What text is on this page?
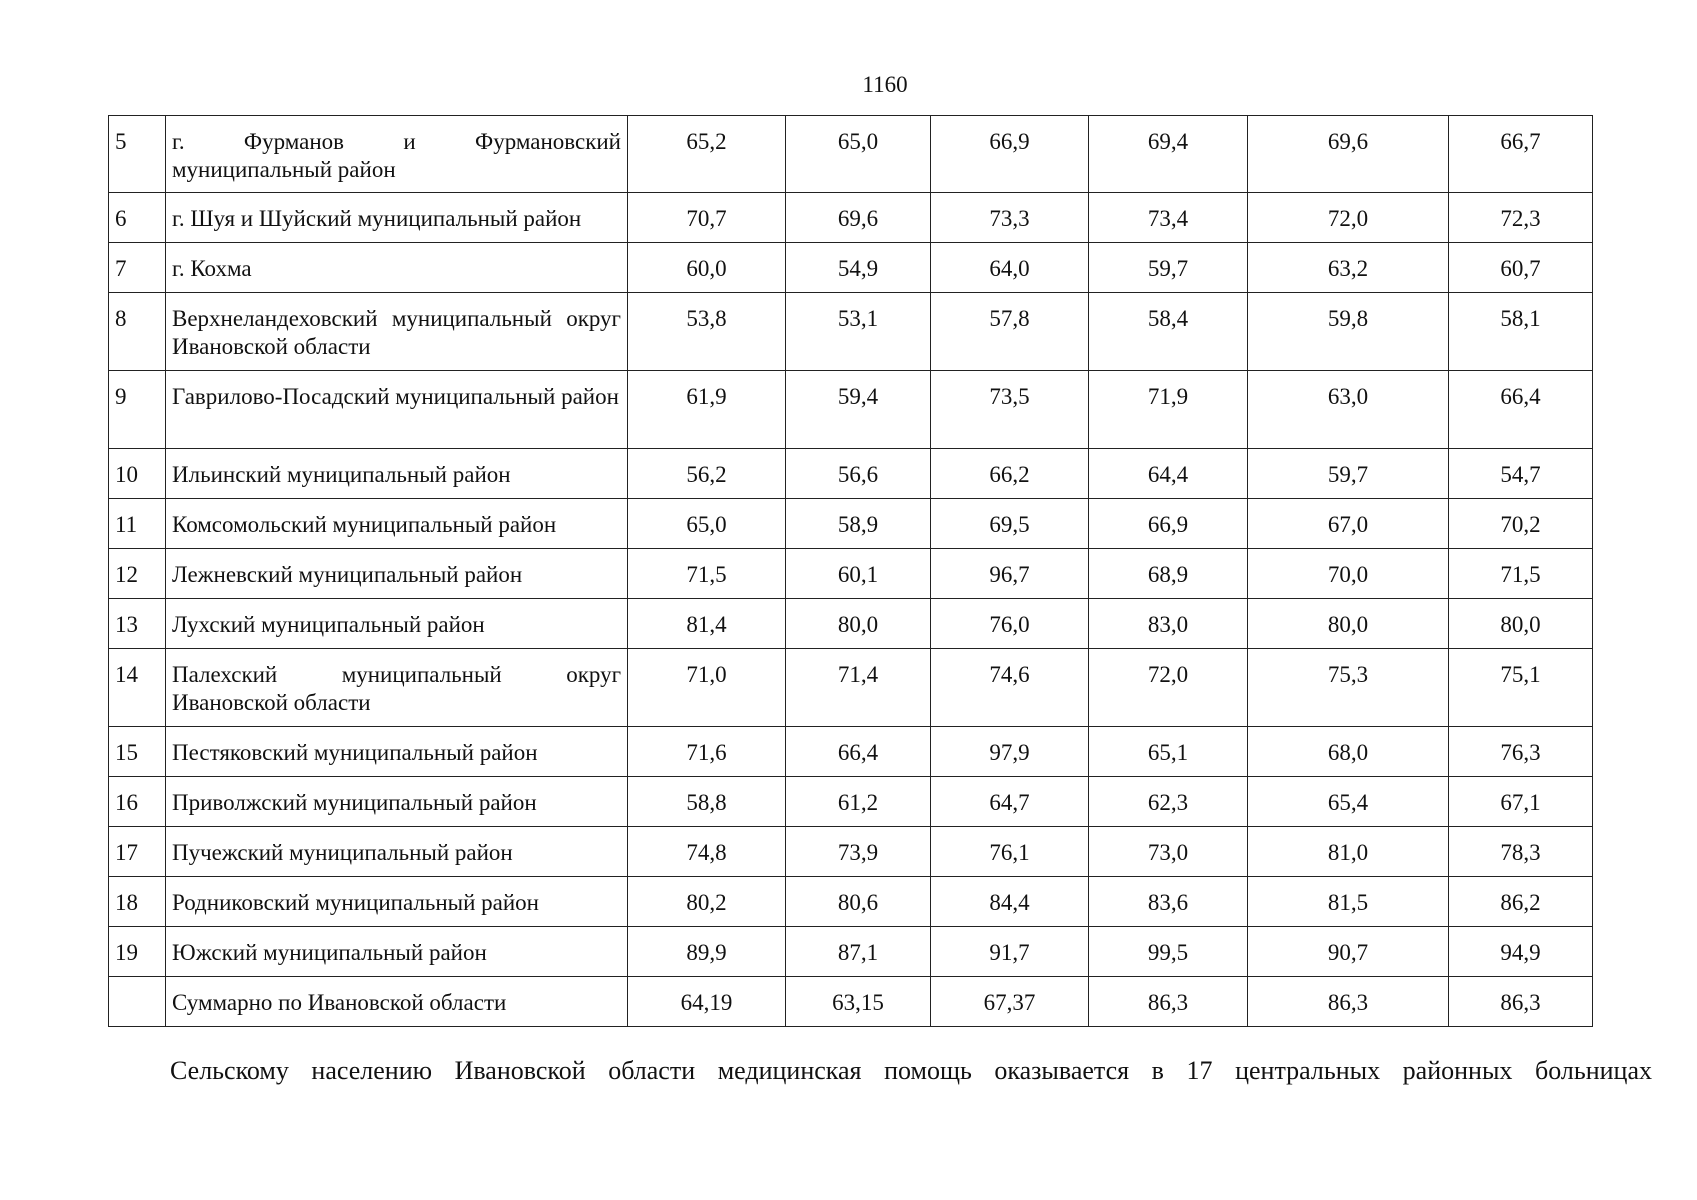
1160
5	г. Фурманов и Фурмановский муниципальный район	65,2	65,0	66,9	69,4	69,6	66,7
6	г. Шуя и Шуйский муниципальный район	70,7	69,6	73,3	73,4	72,0	72,3
7	г. Кохма	60,0	54,9	64,0	59,7	63,2	60,7
8	Верхнеландеховский муниципальный округ Ивановской области	53,8	53,1	57,8	58,4	59,8	58,1
9	Гаврилово-Посадский муниципальный район	61,9	59,4	73,5	71,9	63,0	66,4
10	Ильинский муниципальный район	56,2	56,6	66,2	64,4	59,7	54,7
11	Комсомольский муниципальный район	65,0	58,9	69,5	66,9	67,0	70,2
12	Лежневский муниципальный район	71,5	60,1	96,7	68,9	70,0	71,5
13	Лухский муниципальный район	81,4	80,0	76,0	83,0	80,0	80,0
14	Палехский муниципальный округ Ивановской области	71,0	71,4	74,6	72,0	75,3	75,1
15	Пестяковский муниципальный район	71,6	66,4	97,9	65,1	68,0	76,3
16	Приволжский муниципальный район	58,8	61,2	64,7	62,3	65,4	67,1
17	Пучежский муниципальный район	74,8	73,9	76,1	73,0	81,0	78,3
18	Родниковский муниципальный район	80,2	80,6	84,4	83,6	81,5	86,2
19	Южский муниципальный район	89,9	87,1	91,7	99,5	90,7	94,9
	Суммарно по Ивановской области	64,19	63,15	67,37	86,3	86,3	86,3
Сельскому населению Ивановской области медицинская помощь оказывается в 17 центральных районных больницах
